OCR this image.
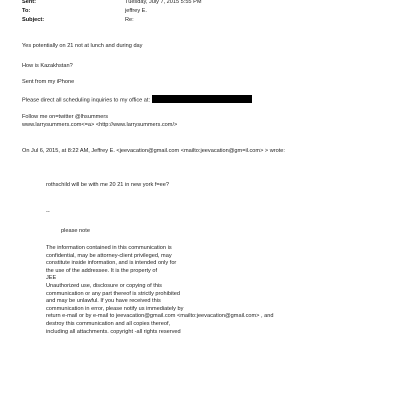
Sent:	Tuesday, July 7, 2015 5:55 PM
To:	jeffrey E.
Subject:	Re:
Yes potentially on 21 not at lunch and during day
How is Kazakhstan?
Sent from my iPhone
Please direct all scheduling inquiries to my office at:
Follow me on=twitter @lhsummers
www.larrysummers.com<=a> <http://www.larrysummers.com/>
On Jul 6, 2015, at 8:22 AM, Jeffrey E. <jeevacation@gmail.com <mailto:jeevacation@gm=il.com> > wrote:
rothschild will be with me 20 21 in new york f=ee?
--
please note
The information contained in this communication is
confidential, may be attorney-client privileged, may
constitute inside information, and is intended only for
the use of the addressee. It is the property of
JEE
Unauthorized use, disclosure or copying of this
communication or any part thereof is strictly prohibited
and may be unlawful. If you have received this
communication in error, please notify us immediately by
return e-mail or by e-mail to jeevacation@gmail.com <mailto:jeevacation@gmail.com> , and
destroy this communication and all copies thereof,
including all attachments. copyright -all rights reserved
